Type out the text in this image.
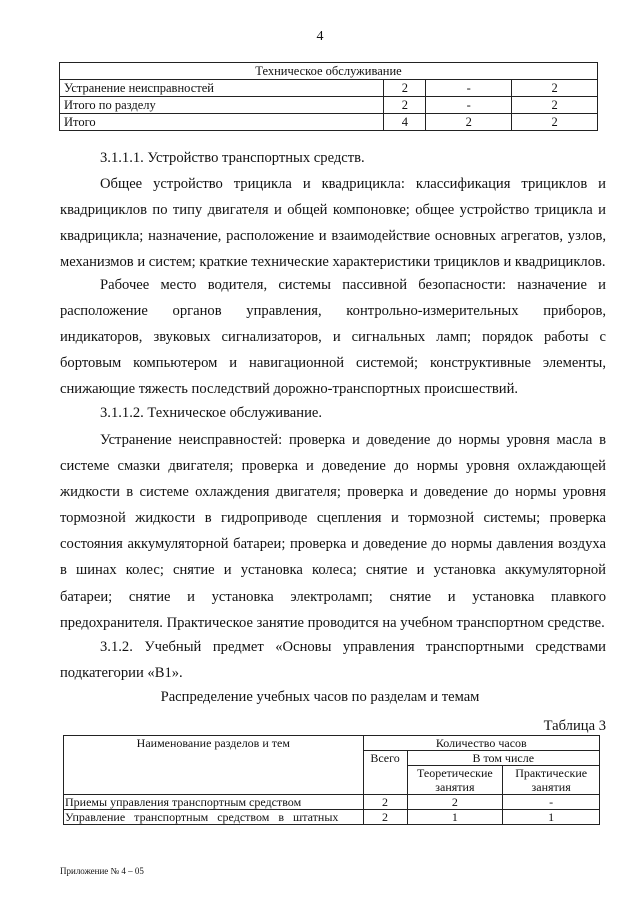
4
Техническое обслуживание			
Устранение неисправностей	2	-	2
Итого по разделу	2	-	2
Итого	4	2	2

3.1.1.1. Устройство транспортных средств.

Общее устройство трицикла и квадрицикла: классификация трициклов и квадрициклов по типу двигателя и общей компоновке; общее устройство трицикла и квадрицикла; назначение, расположение и взаимодействие основных агрегатов, узлов, механизмов и систем; краткие технические характеристики трициклов и квадрициклов.

Рабочее место водителя, системы пассивной безопасности: назначение и расположение органов управления, контрольно-измерительных приборов, индикаторов, звуковых сигнализаторов, и сигнальных ламп; порядок работы с бортовым компьютером и навигационной системой; конструктивные элементы, снижающие тяжесть последствий дорожно-транспортных происшествий.

3.1.1.2. Техническое обслуживание.

Устранение неисправностей: проверка и доведение до нормы уровня масла в системе смазки двигателя; проверка и доведение до нормы уровня охлаждающей жидкости в системе охлаждения двигателя; проверка и доведение до нормы уровня тормозной жидкости в гидроприводе сцепления и тормозной системы; проверка состояния аккумуляторной батареи; проверка и доведение до нормы давления воздуха в шинах колес; снятие и установка колеса; снятие и установка аккумуляторной батареи; снятие и установка электроламп; снятие и установка плавкого предохранителя. Практическое занятие проводится на учебном транспортном средстве.

3.1.2. Учебный предмет «Основы управления транспортными средствами подкатегории «B1».

Распределение учебных часов по разделам и темам
Таблица 3
Наименование разделов и тем	Количество часов		
	Всего	В том числе	
		Теоретические занятия	Практические занятия
Приемы управления транспортным средством	2	2	-
Управление   транспортным   средством   в   штатных	2	1	1
Приложение № 4 – 05
